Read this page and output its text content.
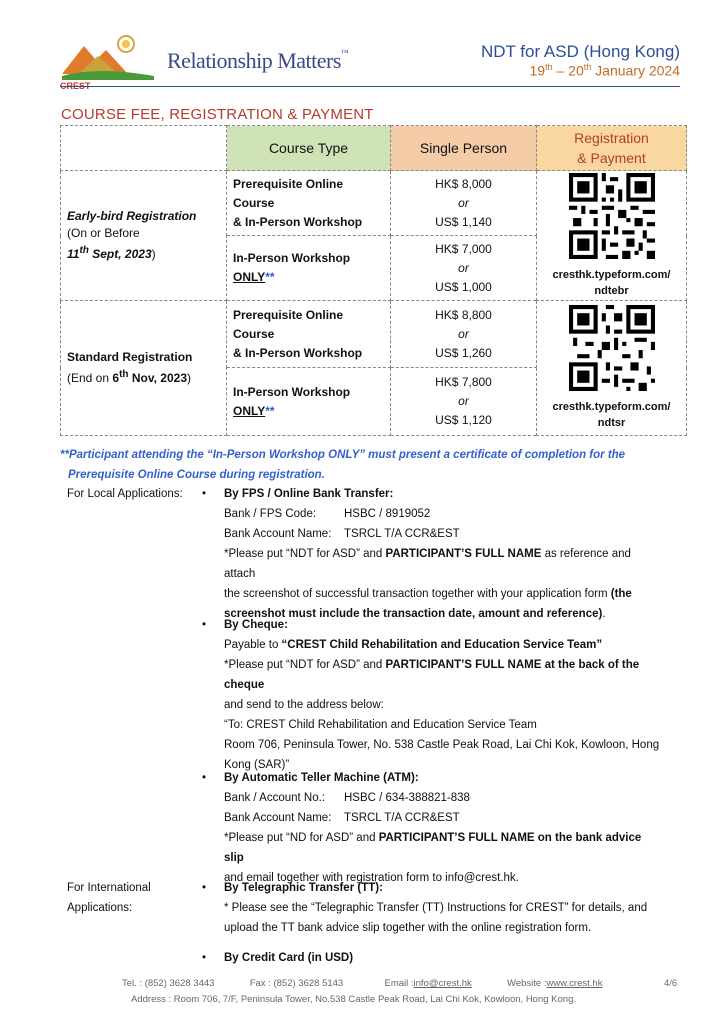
CREST
Relationship Matters™	NDT for ASD (Hong Kong)
19th – 20th January 2024
COURSE FEE, REGISTRATION & PAYMENT
	Course Type	Single Person	Registration
& Payment
Early-bird Registration
(On or Before
11th Sept, 2023)	Prerequisite Online
Course
& In-Person Workshop	HK$ 8,000
or
US$ 1,140	cresthk.typeform.com/
ndtebr
	In-Person Workshop
ONLY**	HK$ 7,000
or
US$ 1,000	
Standard Registration
(End on 6th Nov, 2023)	Prerequisite Online
Course
& In-Person Workshop	HK$ 8,800
or
US$ 1,260	cresthk.typeform.com/
ndtsr
	In-Person Workshop
ONLY**	HK$ 7,800
or
US$ 1,120	
**Participant attending the “In-Person Workshop ONLY” must present a certificate of completion for the
Prerequisite Online Course during registration.
For Local Applications:	• By FPS / Online Bank Transfer:
Bank / FPS Code: HSBC / 8919052
Bank Account Name: TSRCL T/A CCR&EST
*Please put “NDT for ASD” and PARTICIPANT’S FULL NAME as reference and attach
the screenshot of successful transaction together with your application form (the
screenshot must include the transaction date, amount and reference).
• By Cheque:
Payable to “CREST Child Rehabilitation and Education Service Team”
*Please put “NDT for ASD” and PARTICIPANT’S FULL NAME at the back of the cheque
and send to the address below:
“To: CREST Child Rehabilitation and Education Service Team
Room 706, Peninsula Tower, No. 538 Castle Peak Road, Lai Chi Kok, Kowloon, Hong
Kong (SAR)”
• By Automatic Teller Machine (ATM):
Bank / Account No.: HSBC / 634-388821-838
Bank Account Name: TSRCL T/A CCR&EST
*Please put “ND for ASD” and PARTICIPANT’S FULL NAME on the bank advice slip
and email together with registration form to info@crest.hk.
For International
Applications:
• By Telegraphic Transfer (TT):
* Please see the “Telegraphic Transfer (TT) Instructions for CREST” for details, and
upload the TT bank advice slip together with the online registration form.
• By Credit Card (in USD)
Tel. : (852) 3628 3443	Fax : (852) 3628 5143	Email :info@crest.hk	Website :www.crest.hk	4/6
Address : Room 706, 7/F, Peninsula Tower, No.538 Castle Peak Road, Lai Chi Kok, Kowloon, Hong Kong.
